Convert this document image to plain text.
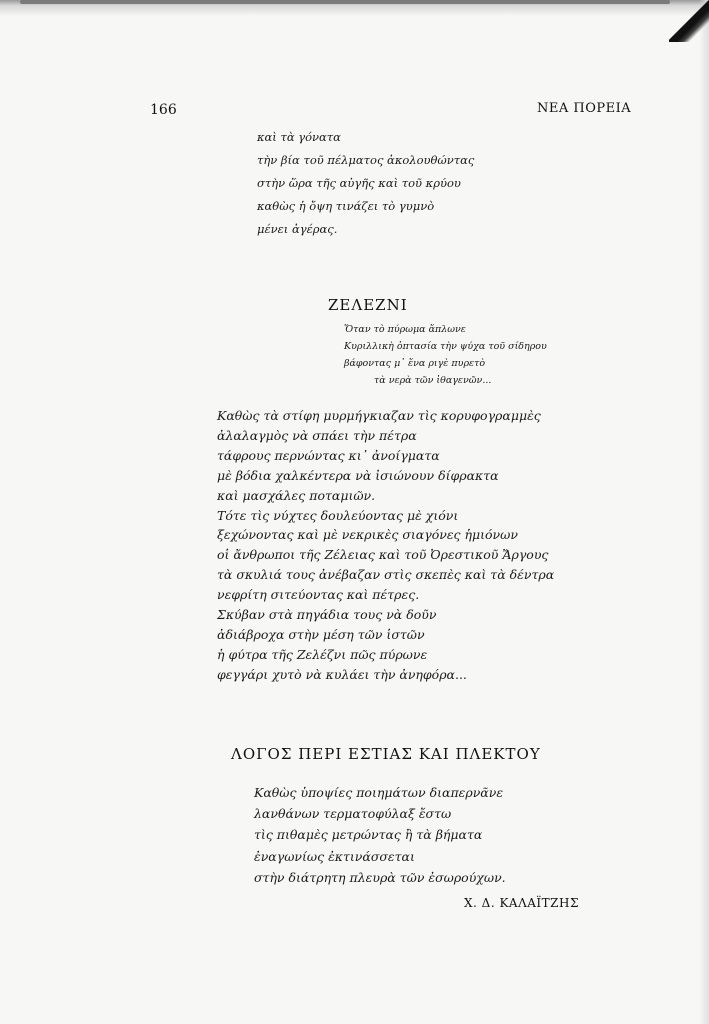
166	ΝΕΑ ΠΟΡΕΙΑ
καὶ τὰ γόνατα
τὴν βία τοῦ πέλματος ἀκολουθώντας
στὴν ὥρα τῆς αὐγῆς καὶ τοῦ κρύου
καθὼς ἡ ὄψη τινάζει τὸ γυμνὸ
μένει ἀγέρας.
ΖΕΛΕΖΝΙ
Ὅταν τὸ πύρωμα ἅπλωνε
Κυριλλικὴ ὀπτασία τὴν ψύχα τοῦ σίδηρου
βάφοντας μ᾽ ἕνα ριγὲ πυρετὸ
τὰ νερὰ τῶν ἰθαγενῶν...
Καθὼς τὰ στίφη μυρμήγκιαζαν τὶς κορυφογραμμὲς
ἀλαλαγμὸς νὰ σπάει τὴν πέτρα
τάφρους περνώντας κι᾽ ἀνοίγματα
μὲ βόδια χαλκέντερα νὰ ἰσιώνουν δίφρακτα
καὶ μασχάλες ποταμιῶν.
Τότε τὶς νύχτες δουλεύοντας μὲ χιόνι
ξεχώνοντας καὶ μὲ νεκρικὲς σιαγόνες ἡμιόνων
οἱ ἄνθρωποι τῆς Ζέλειας καὶ τοῦ Ὀρεστικοῦ Ἄργους
τὰ σκυλιά τους ἀνέβαζαν στὶς σκεπὲς καὶ τὰ δέντρα
νεφρίτη σιτεύοντας καὶ πέτρες.
Σκύβαν στὰ πηγάδια τους νὰ δοῦν
ἀδιάβροχα στὴν μέση τῶν ἱστῶν
ἡ φύτρα τῆς Ζελέζνι πῶς πύρωνε
φεγγάρι χυτὸ νὰ κυλάει τὴν ἀνηφόρα...
ΛΟΓΟΣ ΠΕΡΙ ΕΣΤΙΑΣ ΚΑΙ ΠΛΕΚΤΟΥ
Καθὼς ὑποψίες ποιημάτων διαπερνᾶνε
λανθάνων τερματοφύλαξ ἔστω
τὶς πιθαμὲς μετρώντας ἢ τὰ βήματα
ἐναγωνίως ἐκτινάσσεται
στὴν διάτρητη πλευρὰ τῶν ἐσωρούχων.
Χ. Δ. ΚΑΛΑΪΤΖΗΣ
